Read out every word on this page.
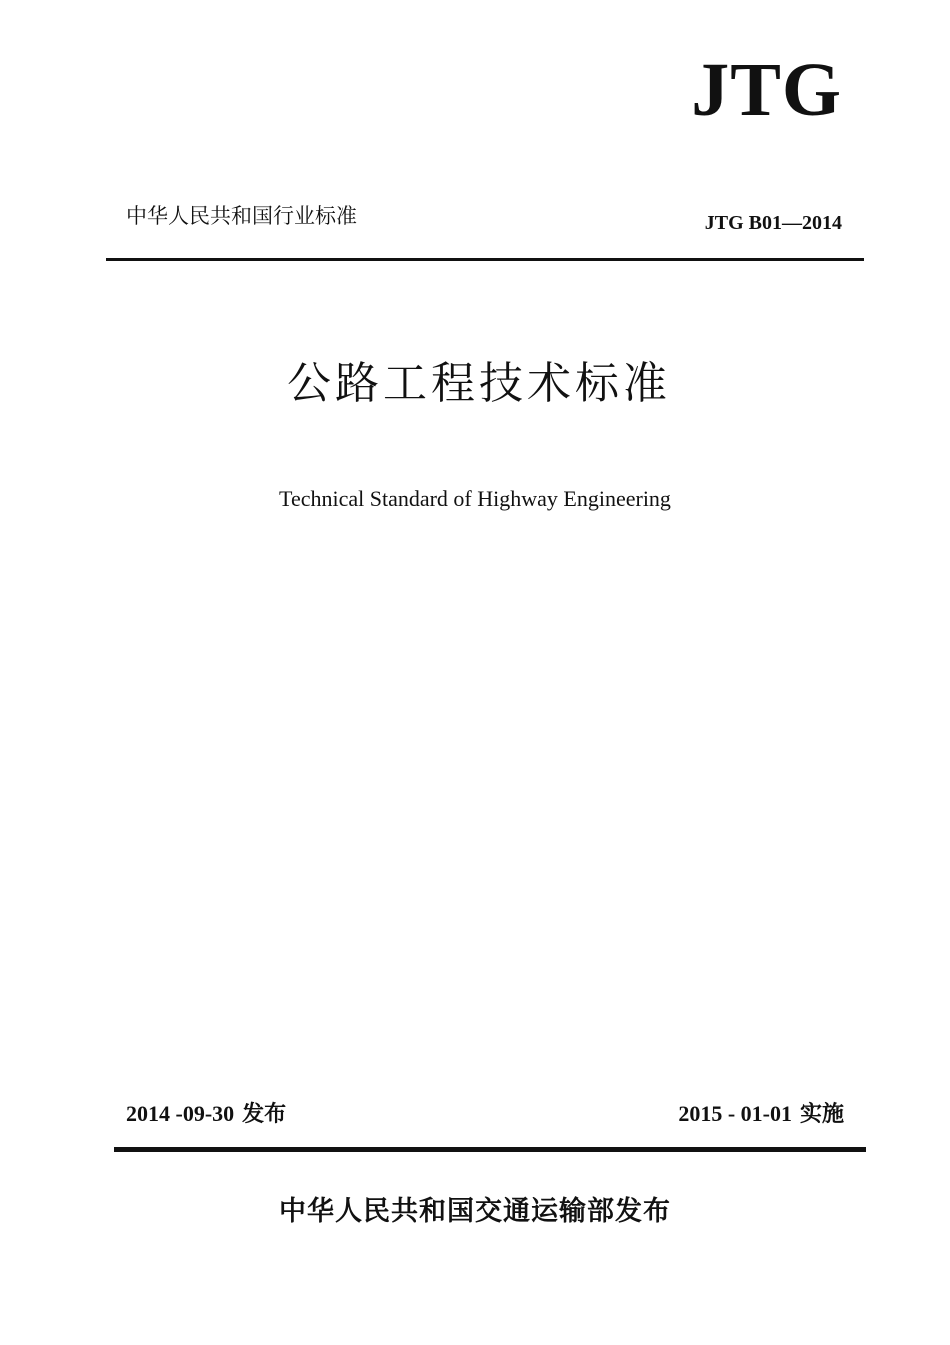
JTG
中华人民共和国行业标准	JTG B01—2014
公路工程技术标准
Technical Standard of Highway Engineering
2014 -09-30 发布	2015 - 01-01 实施
中华人民共和国交通运输部发布
